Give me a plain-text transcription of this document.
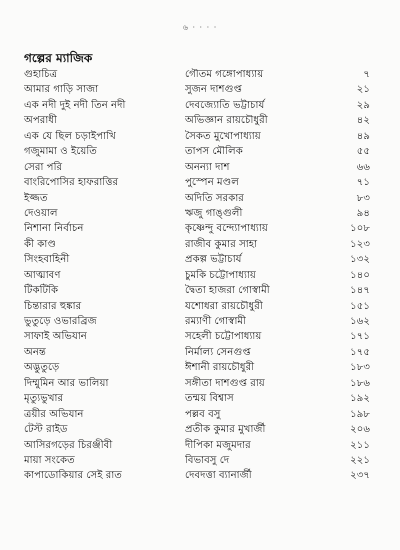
৬ · · · ·
গল্পের ম্যাজিক
গুহাচিত্র	গৌতম গঙ্গোপাধ্যায়	৭
আমার গাড়ি সাজা	সুজন দাশগুপ্ত	২১
এক নদী দুই নদী তিন নদী	দেবজ্যোতি ভট্টাচার্য	২৯
অপরাধী	অভিজ্ঞান রায়চৌধুরী	৪২
এক যে ছিল চড়াইপাখি	সৈকত মুখোপাধ্যায়	৪৯
গজুমামা ও ইয়েতি	তাপস মৌলিক	৫৫
সেরা পরি	অনন্যা দাশ	৬৬
বাংরিপোসির হাফরাত্তির	পুস্পেন মণ্ডল	৭১
ইজ্জত	অদিতি সরকার	৮৩
দেওয়াল	ঋজু গাঙ্গুলী	৯৪
নিশানা নির্বাচন	কৃষ্ণেন্দু বন্দ্যোপাধ্যায়	১০৮
কী কাণ্ড	রাজীব কুমার সাহা	১২৩
সিংহবাহিনী	প্রকল্প ভট্টাচার্য	১৩২
আত্মাবণ	চুমকি চট্টোপাধ্যায়	১৪০
টিকটিকি	দ্বৈতা হাজরা গোস্বামী	১৪৭
চিন্তারার হুঙ্কার	যশোধরা রায়চৌধুরী	১৫১
ভুতুড়ে ওভারব্রিজ	রম্যাণী গোস্বামী	১৬২
সাফাই অভিযান	সহেলী চট্টোপাধ্যায়	১৭১
অনন্ত	নির্মাল্য সেনগুপ্ত	১৭৫
অদ্ভুতুড়ে	ঈশানী রায়চৌধুরী	১৮৩
দিম্মুমিন আর ভালিয়া	সঙ্গীতা দাশগুপ্ত রায়	১৮৬
মৃত্যুভুখার	তন্ময় বিশ্বাস	১৯২
ত্রয়ীর অভিযান	পল্লব বসু	১৯৮
টেস্ট রাইড	প্রতীক কুমার মুখার্জী	২০৬
আসিরগড়ের চিরঞ্জীবী	দীপিকা মজুমদার	২১১
মায়া সংকেত	বিভাবসু দে	২২১
কাপাডোকিয়ার সেই রাত	দেবদত্তা ব্যানার্জী	২৩৭
